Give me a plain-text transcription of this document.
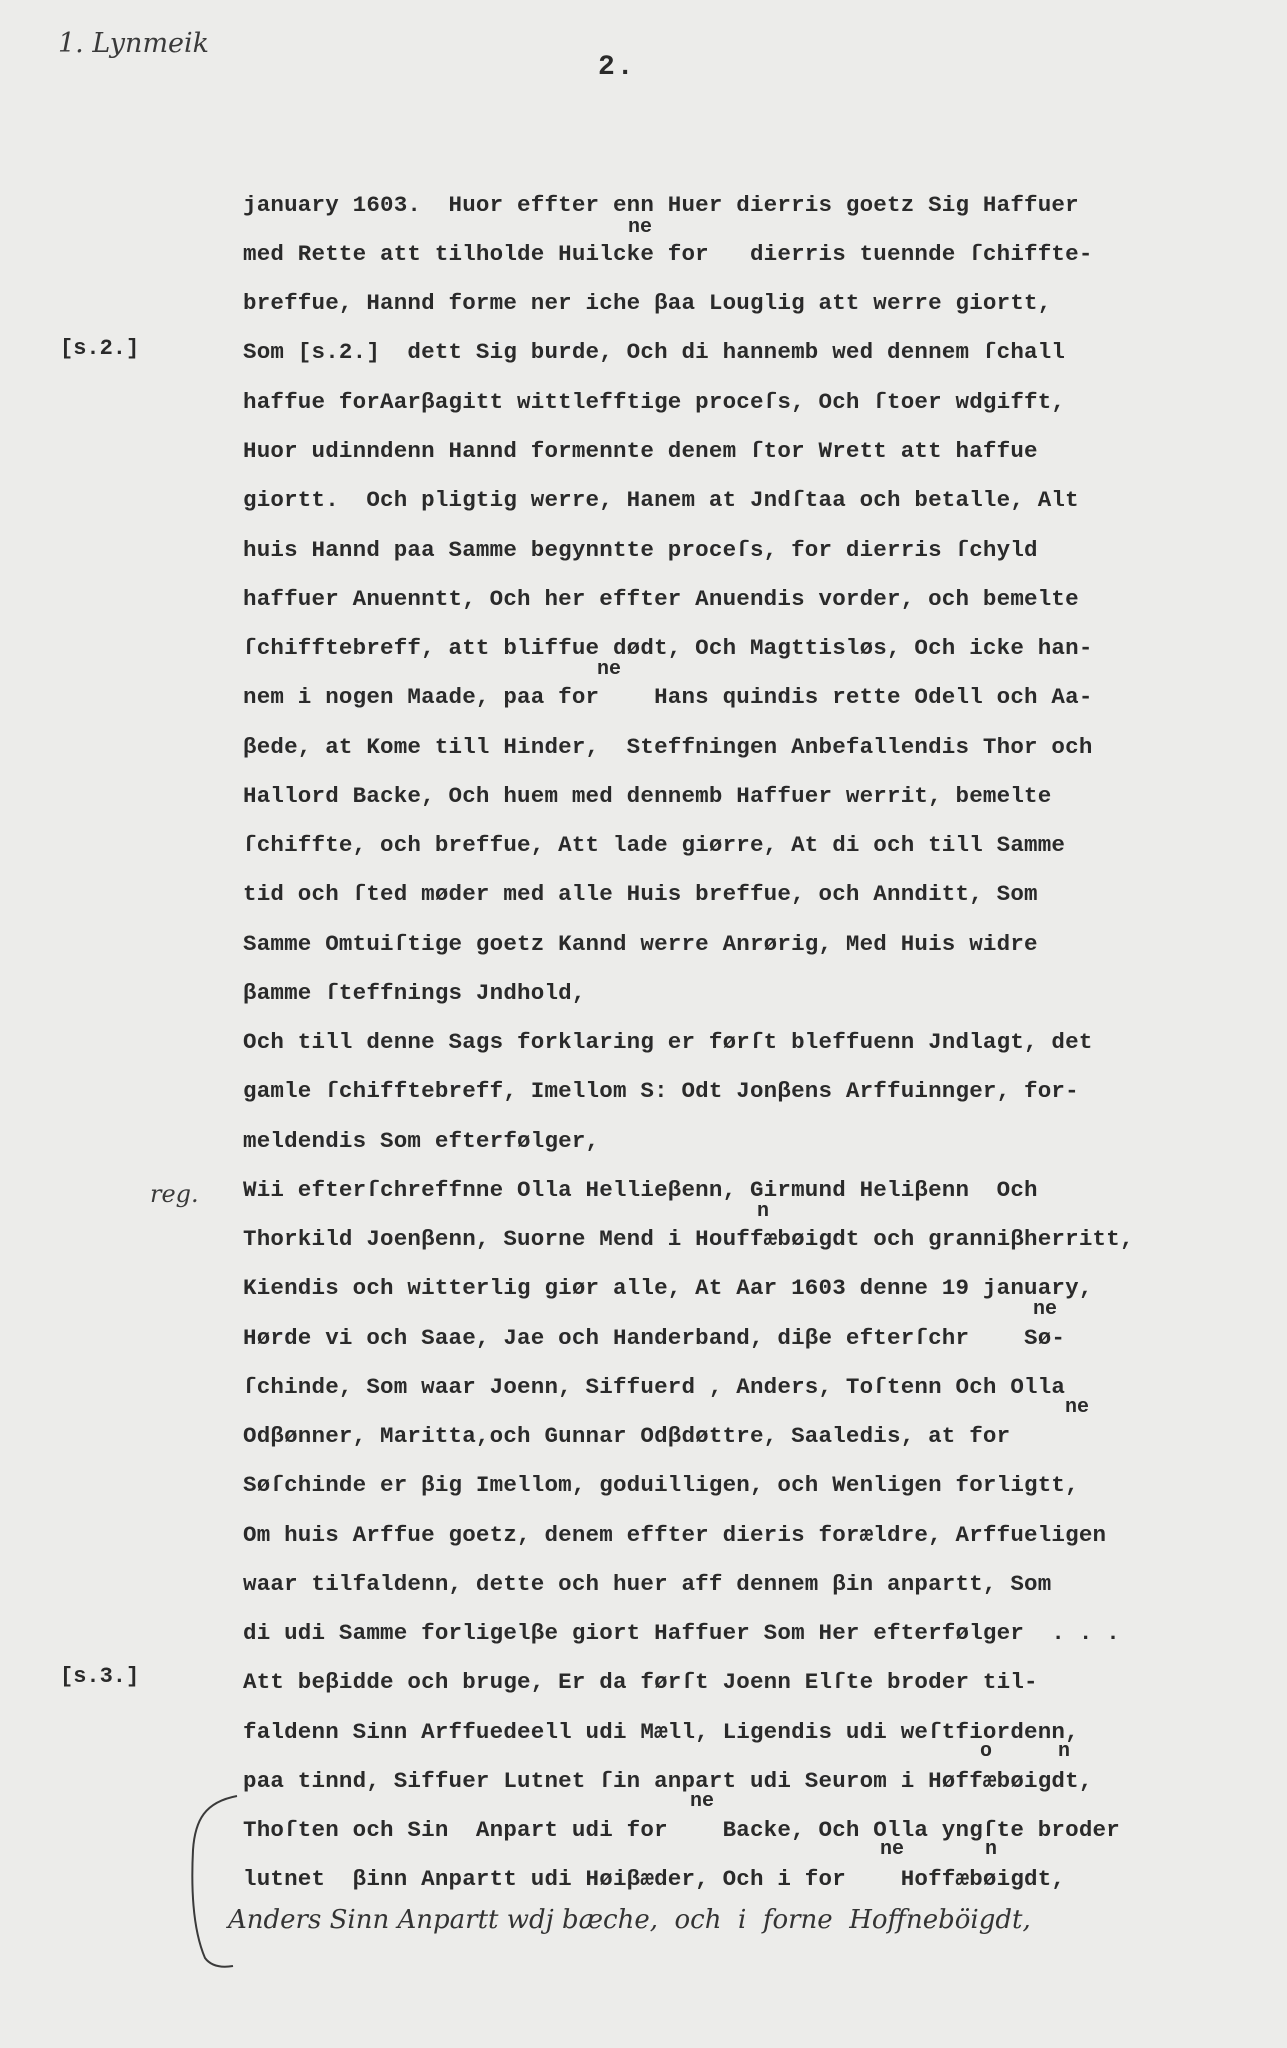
1. Lynmeik
2.
[s.2.]
reg.
[s.3.]
january 1603.  Huor effter enn Huer dierris goetz Sig Haffuer
med Rette att tilholde Huilcke for   dierris tuennde ſchiffte-
breffue, Hannd forme ner iche βaa Louglig att werre giortt,
Som [s.2.]  dett Sig burde, Och di hannemb wed dennem ſchall
haffue forAarβagitt wittlefftige proceſs, Och ſtoer wdgifft,
Huor udinndenn Hannd formennte denem ſtor Wrett att haffue
giortt.  Och pligtig werre, Hanem at Jndſtaa och betalle, Alt
huis Hannd paa Samme begynntte proceſs, for dierris ſchyld
haffuer Anuenntt, Och her effter Anuendis vorder, och bemelte
ſchifftebreff, att bliffue dødt, Och Magttisløs, Och icke han-
nem i nogen Maade, paa for    Hans quindis rette Odell och Aa-
βede, at Kome till Hinder,  Steffningen Anbefallendis Thor och
Hallord Backe, Och huem med dennemb Haffuer werrit, bemelte
ſchiffte, och breffue, Att lade giørre, At di och till Samme
tid och ſted møder med alle Huis breffue, och Annditt, Som
Samme Omtuiſtige goetz Kannd werre Anrørig, Med Huis widre
βamme ſteffnings Jndhold,
Och till denne Sags forklaring er førſt bleffuenn Jndlagt, det
gamle ſchifftebreff, Imellom S: Odt Jonβens Arffuinnger, for-
meldendis Som efterfølger,
Wii efterſchreffnne Olla Hellieβenn, Girmund Heliβenn  Och
Thorkild Joenβenn, Suorne Mend i Houffæbøigdt och granniβherritt,
Kiendis och witterlig giør alle, At Aar 1603 denne 19 january,
Hørde vi och Saae, Jae och Handerband, diβe efterſchr    Sø-
ſchinde, Som waar Joenn, Siffuerd , Anders, Toſtenn Och Olla
Odβønner, Maritta,och Gunnar Odβdøttre, Saaledis, at for
Søſchinde er βig Imellom, goduilligen, och Wenligen forligtt,
Om huis Arffue goetz, denem effter dieris forældre, Arffueligen
waar tilfaldenn, dette och huer aff dennem βin anpartt, Som
di udi Samme forligelβe giort Haffuer Som Her efterfølger  . . .
Att beβidde och bruge, Er da førſt Joenn Elſte broder til-
faldenn Sinn Arffuedeell udi Mæll, Ligendis udi weſtfiordenn,
paa tinnd, Siffuer Lutnet ſin anpart udi Seurom i Høffæbøigdt,
Thoſten och Sin  Anpart udi for    Backe, Och Olla yngſte broder
lutnet  βinn Anpartt udi Høiβæder, Och i for    Hoffæbøigdt,
ne
ne
n
ne
ne
o	n
ne
ne	n
Anders Sinn Anpartt wdj bæche,  och  i  forne  Hoffneböigdt,
